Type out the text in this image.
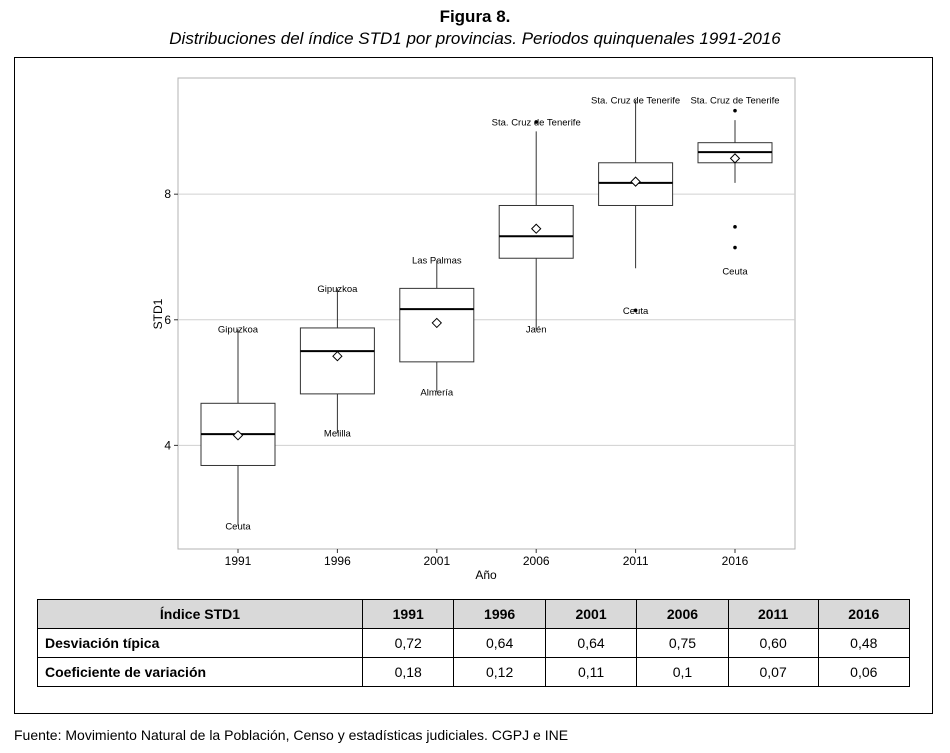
Figura 8.
Distribuciones del índice STD1 por provincias. Periodos quinquenales 1991-2016
4
6
8
Año
STD1
1991
Gipuzkoa
Ceuta
1996
Gipuzkoa
Melilla
2001
Las Palmas
Almería
2006
Sta. Cruz de Tenerife
Jaén
2011
Sta. Cruz de Tenerife
Ceuta
2016
Sta. Cruz de Tenerife
Ceuta
Índice STD1	1991	1996	2001	2006	2011	2016
Desviación típica	0,72	0,64	0,64	0,75	0,60	0,48
Coeficiente de variación	0,18	0,12	0,11	0,1	0,07	0,06
Fuente: Movimiento Natural de la Población, Censo y estadísticas judiciales. CGPJ e INE
